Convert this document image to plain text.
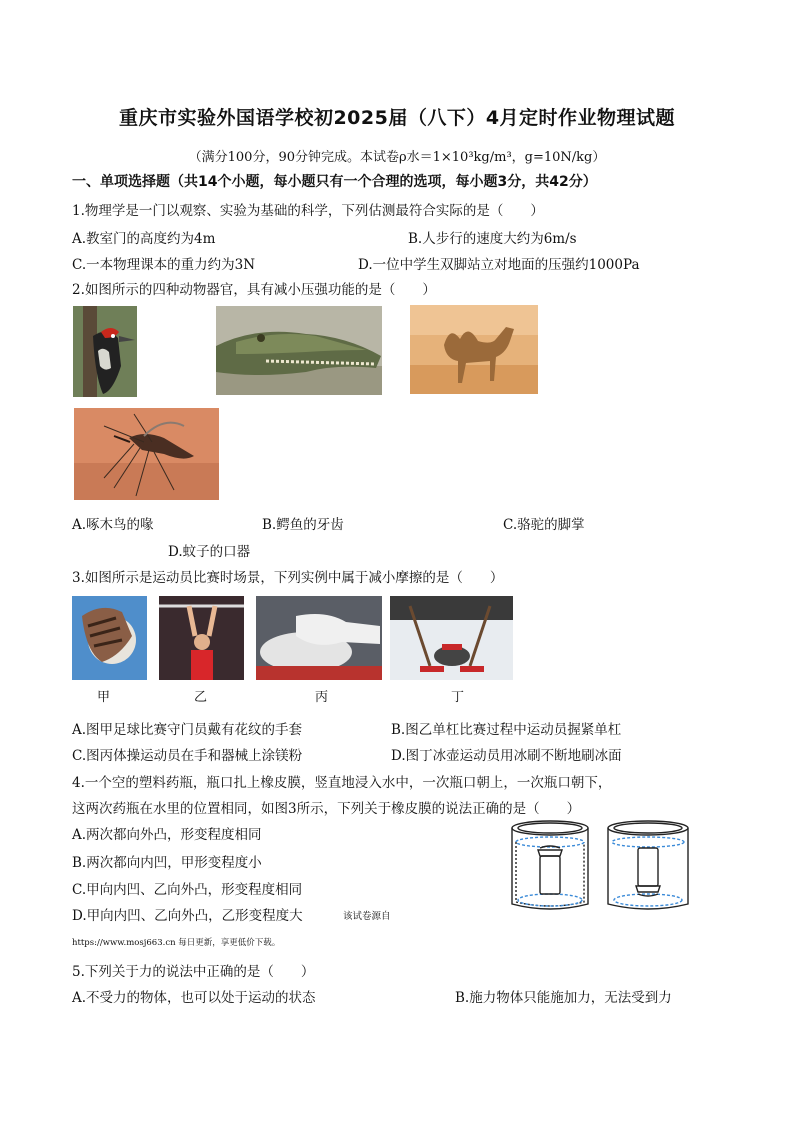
重庆市实验外国语学校初2025届（八下）4月定时作业物理试题
（满分100分，90分钟完成。本试卷ρ水＝1×10³kg/m³，g=10N/kg）
一、单项选择题（共14个小题，每小题只有一个合理的选项，每小题3分，共42分）
1.物理学是一门以观察、实验为基础的科学，下列估测最符合实际的是（　　）
A.教室门的高度约为4m	B.人步行的速度大约为6m/s
C.一本物理课本的重力约为3N	D.一位中学生双脚站立对地面的压强约1000Pa
2.如图所示的四种动物器官，具有减小压强功能的是（　　）
A.啄木鸟的喙	B.鳄鱼的牙齿	C.骆驼的脚掌
D.蚊子的口器
3.如图所示是运动员比赛时场景，下列实例中属于减小摩擦的是（　　）
甲	乙	丙	丁
A.图甲足球比赛守门员戴有花纹的手套	B.图乙单杠比赛过程中运动员握紧单杠
C.图丙体操运动员在手和器械上涂镁粉	D.图丁冰壶运动员用冰刷不断地刷冰面
4.一个空的塑料药瓶，瓶口扎上橡皮膜，竖直地浸入水中，一次瓶口朝上，一次瓶口朝下，
这两次药瓶在水里的位置相同，如图3所示，下列关于橡皮膜的说法正确的是（　　）
A.两次都向外凸，形变程度相同
B.两次都向内凹，甲形变程度小
C.甲向内凹、乙向外凸，形变程度相同
D.甲向内凹、乙向外凸，乙形变程度大	该试卷源自
https://www.mosj663.cn 每日更新，享更低价下载。
5.下列关于力的说法中正确的是（　　）
A.不受力的物体，也可以处于运动的状态	B.施力物体只能施加力，无法受到力
